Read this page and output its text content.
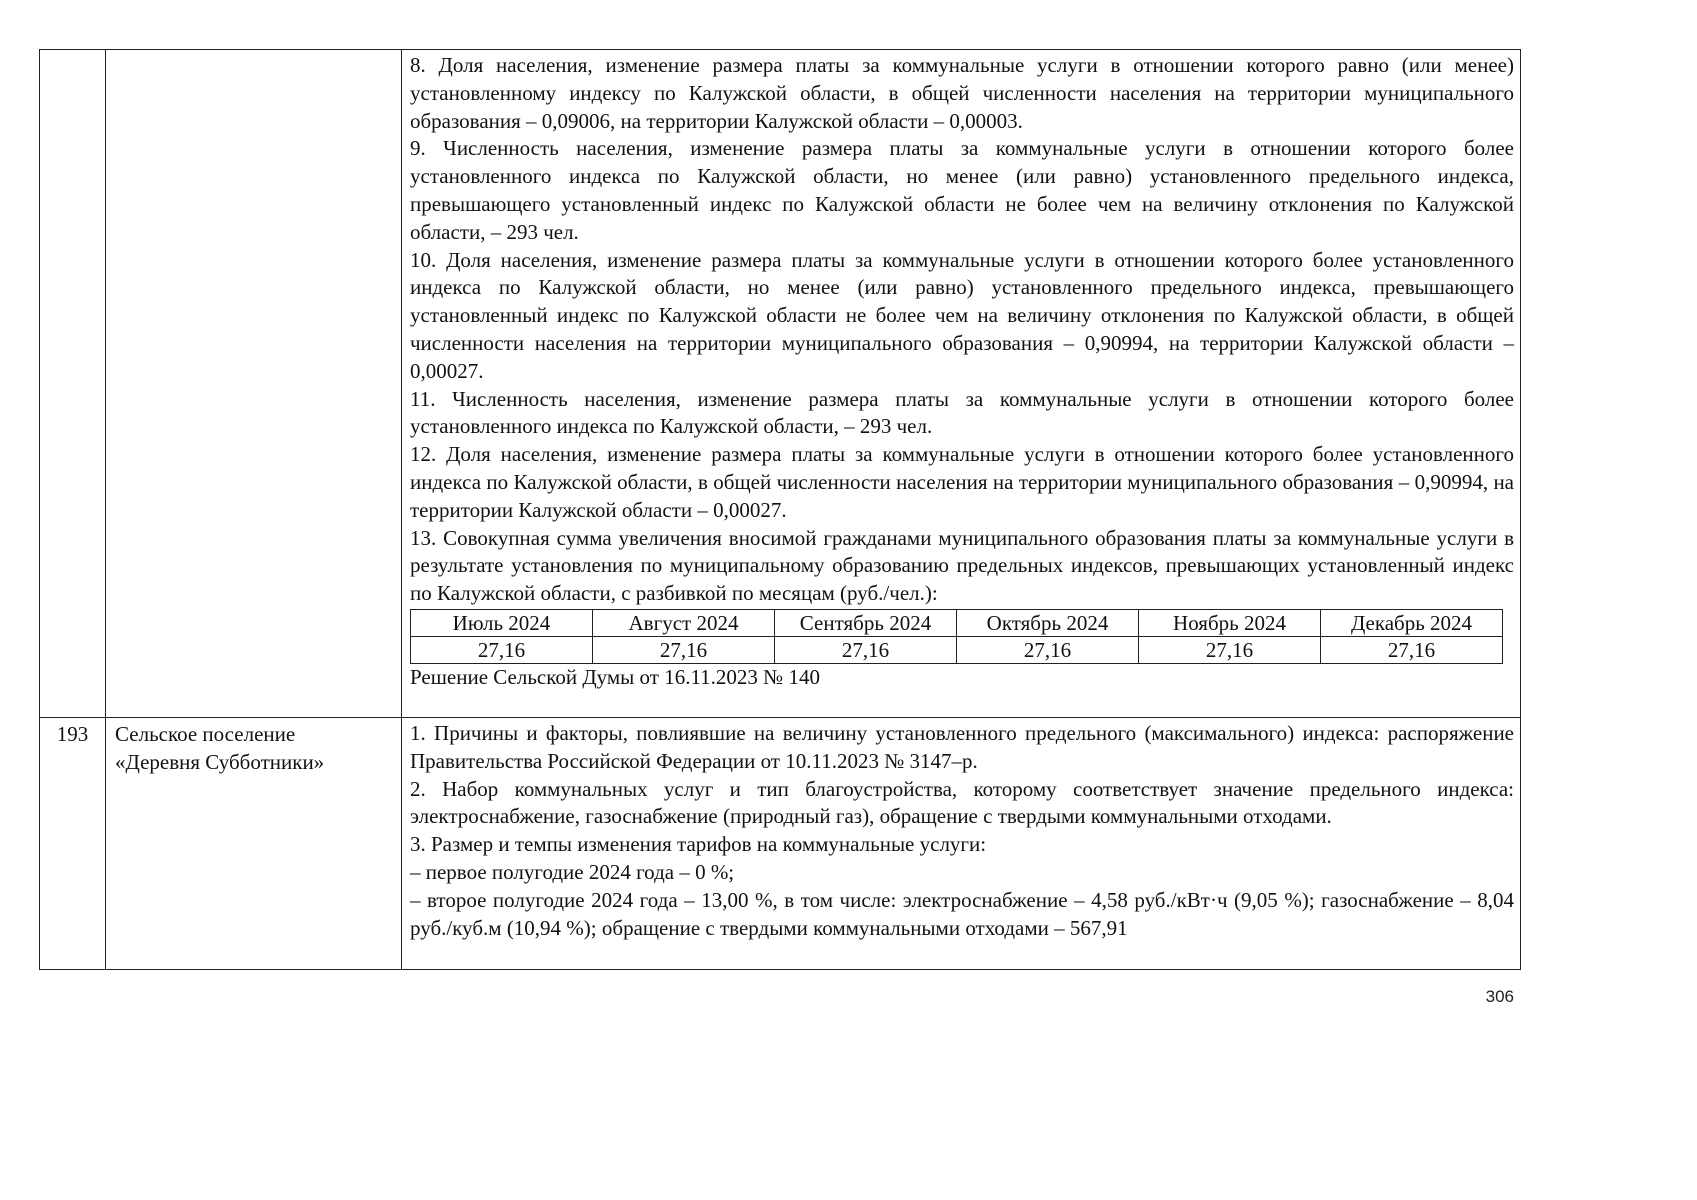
8. Доля населения, изменение размера платы за коммунальные услуги в отношении которого равно (или менее) установленному индексу по Калужской области, в общей численности населения на территории муниципального образования – 0,09006, на территории Калужской области – 0,00003.

9. Численность населения, изменение размера платы за коммунальные услуги в отношении которого более установленного индекса по Калужской области, но менее (или равно) установленного предельного индекса, превышающего установленный индекс по Калужской области не более чем на величину отклонения по Калужской области, – 293 чел.

10. Доля населения, изменение размера платы за коммунальные услуги в отношении которого более установленного индекса по Калужской области, но менее (или равно) установленного предельного индекса, превышающего установленный индекс по Калужской области не более чем на величину отклонения по Калужской области, в общей численности населения на территории муниципального образования – 0,90994, на территории Калужской области – 0,00027.

11. Численность населения, изменение размера платы за коммунальные услуги в отношении которого более установленного индекса по Калужской области, – 293 чел.

12. Доля населения, изменение размера платы за коммунальные услуги в отношении которого более установленного индекса по Калужской области, в общей численности населения на территории муниципального образования – 0,90994, на территории Калужской области – 0,00027.

13. Совокупная сумма увеличения вносимой гражданами муниципального образования платы за коммунальные услуги в результате установления по муниципальному образованию предельных индексов, превышающих установленный индекс по Калужской области, с разбивкой по месяцам (руб./чел.):

Июль 2024	Август 2024	Сентябрь 2024	Октябрь 2024	Ноябрь 2024	Декабрь 2024
27,16	27,16	27,16	27,16	27,16	27,16

Решение Сельской Думы от 16.11.2023 № 140

193	Сельское поселение
«Деревня Субботники»

1. Причины и факторы, повлиявшие на величину установленного предельного (максимального) индекса: распоряжение Правительства Российской Федерации от 10.11.2023 № 3147–р.

2. Набор коммунальных услуг и тип благоустройства, которому соответствует значение предельного индекса: электроснабжение, газоснабжение (природный газ), обращение с твердыми коммунальными отходами.

3. Размер и темпы изменения тарифов на коммунальные услуги:

– первое полугодие 2024 года – 0 %;

– второе полугодие 2024 года – 13,00 %, в том числе: электроснабжение – 4,58 руб./кВт·ч (9,05 %); газоснабжение – 8,04 руб./куб.м (10,94 %); обращение с твердыми коммунальными отходами – 567,91

306
